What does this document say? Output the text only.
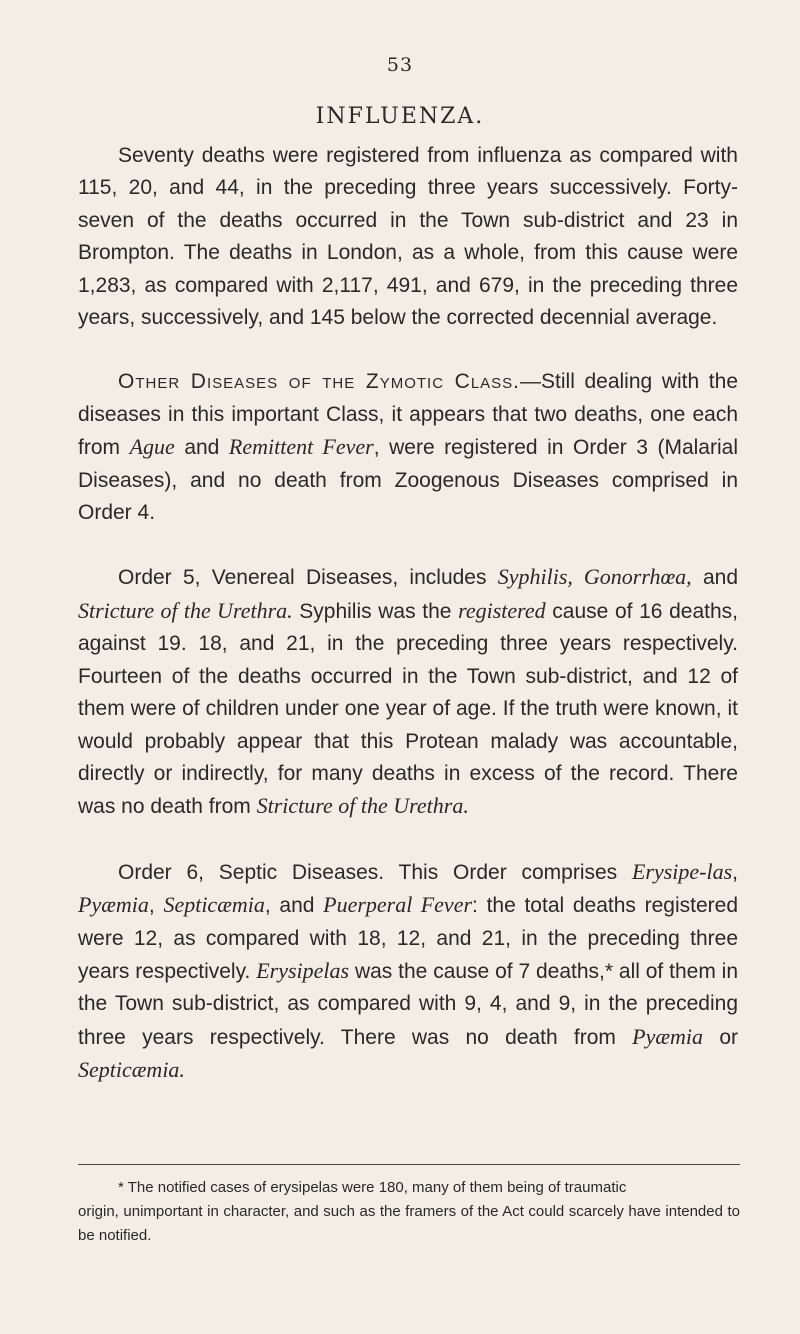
53
INFLUENZA.

Seventy deaths were registered from influenza as compared with 115, 20, and 44, in the preceding three years successively. Forty-seven of the deaths occurred in the Town sub-district and 23 in Brompton. The deaths in London, as a whole, from this cause were 1,283, as compared with 2,117, 491, and 679, in the preceding three years, successively, and 145 below the corrected decennial average.

Other Diseases of the Zymotic Class.—Still dealing with the diseases in this important Class, it appears that two deaths, one each from Ague and Remittent Fever, were registered in Order 3 (Malarial Diseases), and no death from Zoogenous Diseases comprised in Order 4.

Order 5, Venereal Diseases, includes Syphilis, Gonorrhœa, and Stricture of the Urethra. Syphilis was the registered cause of 16 deaths, against 19. 18, and 21, in the preceding three years respectively. Fourteen of the deaths occurred in the Town sub-district, and 12 of them were of children under one year of age. If the truth were known, it would probably appear that this Protean malady was accountable, directly or indirectly, for many deaths in excess of the record. There was no death from Stricture of the Urethra.

Order 6, Septic Diseases. This Order comprises Erysipe-las, Pyæmia, Septicæmia, and Puerperal Fever: the total deaths registered were 12, as compared with 18, 12, and 21, in the preceding three years respectively. Erysipelas was the cause of 7 deaths,* all of them in the Town sub-district, as compared with 9, 4, and 9, in the preceding three years respectively. There was no death from Pyæmia or Septicæmia.

* The notified cases of erysipelas were 180, many of them being of traumatic
origin, unimportant in character, and such as the framers of the Act could scarcely have intended to be notified.
